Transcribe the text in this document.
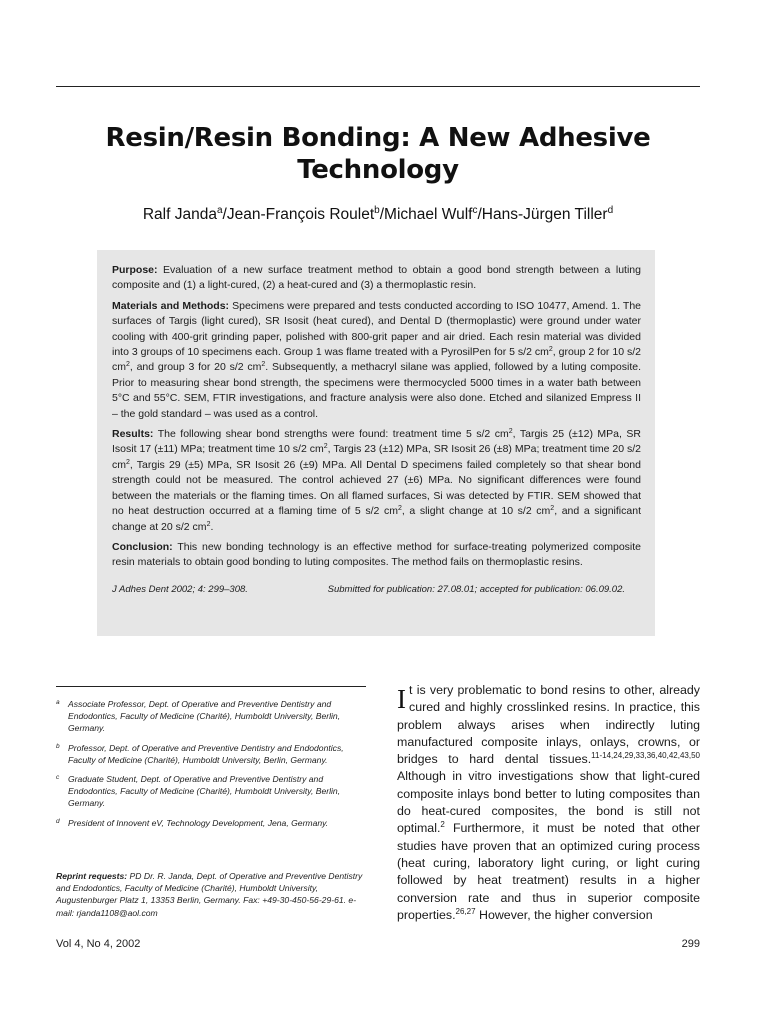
Resin/Resin Bonding: A New Adhesive
Technology
Ralf Janda$^a$/Jean-François Roulet$^b$/Michael Wulf$^c$/Hans-Jürgen Tiller$^d$

Purpose: Evaluation of a new surface treatment method to obtain a good bond strength between a luting composite and (1) a light-cured, (2) a heat-cured and (3) a thermoplastic resin.

Materials and Methods: Specimens were prepared and tests conducted according to ISO 10477, Amend. 1. The surfaces of Targis (light cured), SR Isosit (heat cured), and Dental D (thermoplastic) were ground under water cooling with 400-grit grinding paper, polished with 800-grit paper and air dried. Each resin material was divided into 3 groups of 10 specimens each. Group 1 was flame treated with a PyrosilPen for 5 s/2 $cm^2$, group 2 for 10 s/2 $cm^2$, and group 3 for 20 s/2 $cm^2$. Subsequently, a methacryl silane was applied, followed by a luting composite. Prior to measuring shear bond strength, the specimens were thermocycled 5000 times in a water bath between 5°C and 55°C. SEM, FTIR investigations, and fracture analysis were also done. Etched and silanized Empress II – the gold standard – was used as a control.

Results: The following shear bond strengths were found: treatment time 5 s/2 $cm^2$, Targis 25 (±12) MPa, SR Isosit 17 (±11) MPa; treatment time 10 s/2 $cm^2$, Targis 23 (±12) MPa, SR Isosit 26 (±8) MPa; treatment time 20 s/2 $cm^2$, Targis 29 (±5) MPa, SR Isosit 26 (±9) MPa. All Dental D specimens failed completely so that shear bond strength could not be measured. The control achieved 27 (±6) MPa. No significant differences were found between the materials or the flaming times. On all flamed surfaces, Si was detected by FTIR. SEM showed that no heat destruction occurred at a flaming time of 5 s/2 $cm^2$, a slight change at 10 s/2 $cm^2$, and a significant change at 20 s/2 $cm^2$.

Conclusion: This new bonding technology is an effective method for surface-treating polymerized composite resin materials to obtain good bonding to luting composites. The method fails on thermoplastic resins.

J Adhes Dent 2002; 4: 299–308.	Submitted for publication: 27.08.01; accepted for publication: 06.09.02.
a Associate Professor, Dept. of Operative and Preventive Dentistry and Endodontics, Faculty of Medicine (Charité), Humboldt University, Berlin, Germany.
b Professor, Dept. of Operative and Preventive Dentistry and Endodontics, Faculty of Medicine (Charité), Humboldt University, Berlin, Germany.
c Graduate Student, Dept. of Operative and Preventive Dentistry and Endodontics, Faculty of Medicine (Charité), Humboldt University, Berlin, Germany.
d President of Innovent eV, Technology Development, Jena, Germany.
Reprint requests: PD Dr. R. Janda, Dept. of Operative and Preventive Dentistry and Endodontics, Faculty of Medicine (Charité), Humboldt University, Augustenburger Platz 1, 13353 Berlin, Germany. Fax: +49-30-450-56-29-61. e-mail: rjanda1108@aol.com

It is very problematic to bond resins to other, already cured and highly crosslinked resins. In practice, this problem always arises when indirectly luting manufactured composite inlays, onlays, crowns, or bridges to hard dental tissues.$^{11-14,24,29,33,36,40,42,43,50}$ Although in vitro investigations show that light-cured composite inlays bond better to luting composites than do heat-cured composites, the bond is still not optimal.$^2$ Furthermore, it must be noted that other studies have proven that an optimized curing process (heat curing, laboratory light curing, or light curing followed by heat treatment) results in a higher conversion rate and thus in superior composite properties.$^{26,27}$ However, the higher conversion

Vol 4, No 4, 2002	299
